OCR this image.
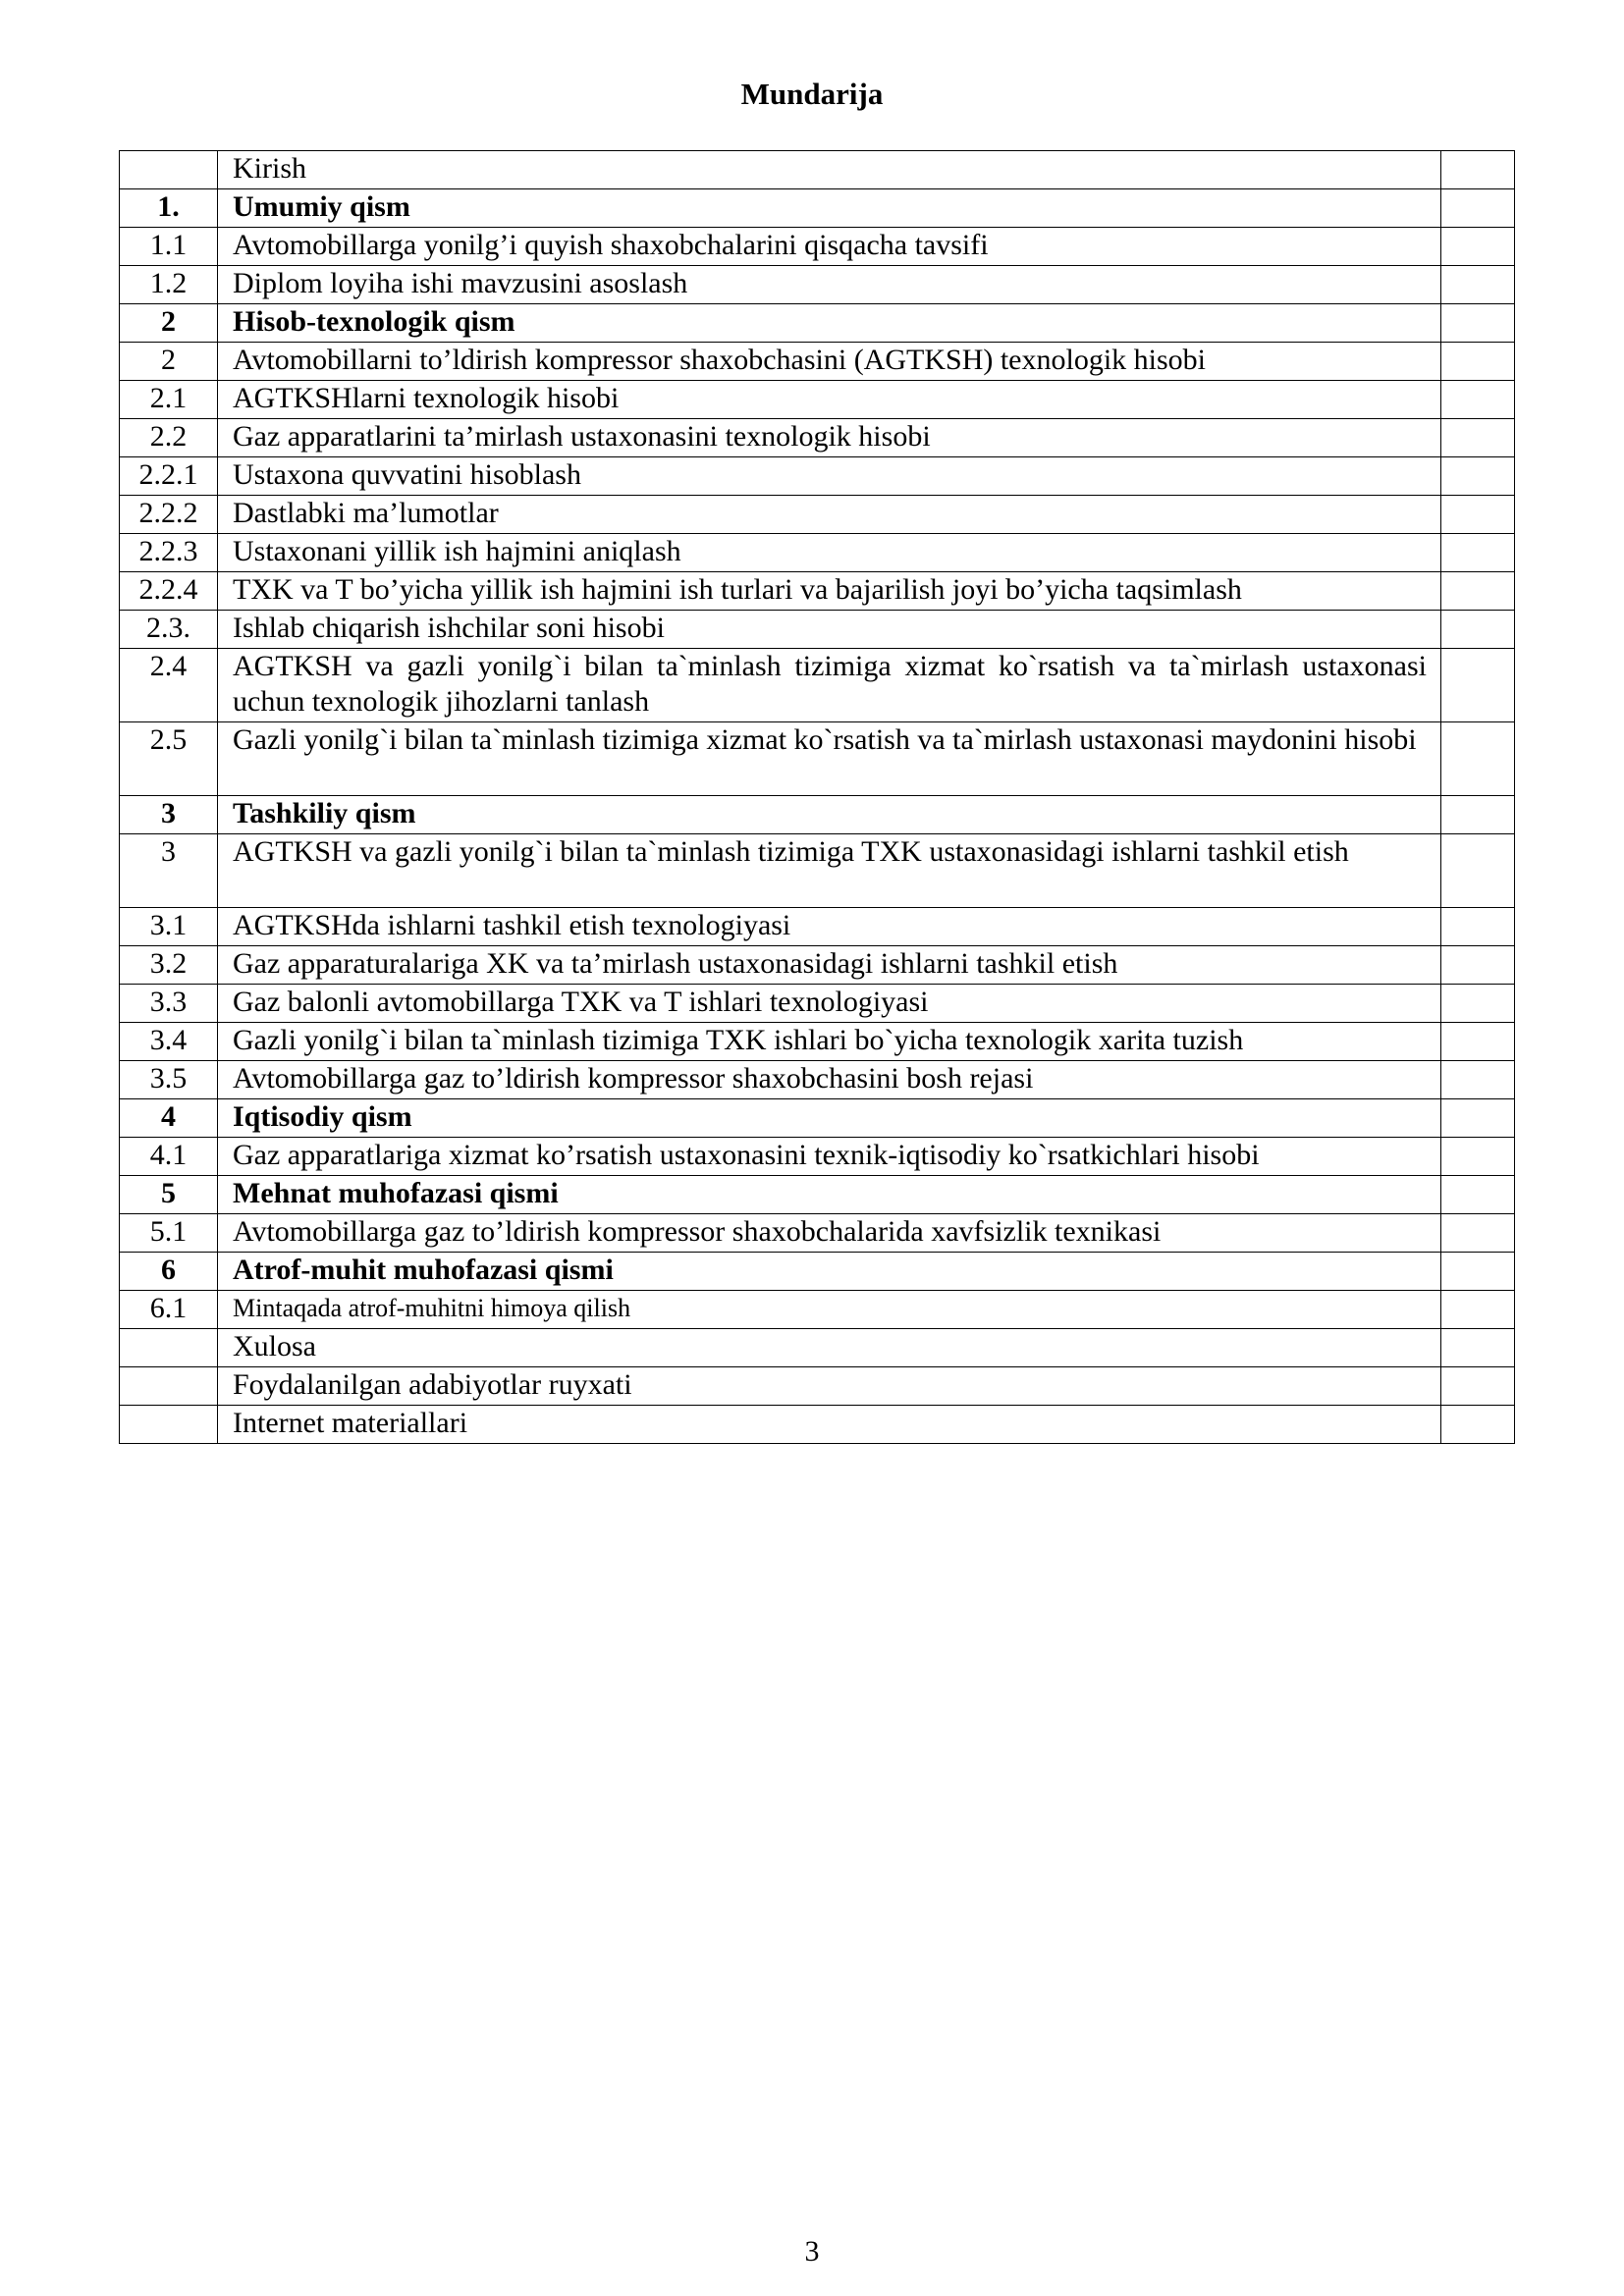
Mundarija
	Kirish	
1.	Umumiy qism	
1.1	Avtomobillarga yonilg’i quyish shaxobchalarini qisqacha tavsifi	
1.2	Diplom loyiha ishi mavzusini asoslash	
2	Hisob-texnologik qism	
2	Avtomobillarni to’ldirish kompressor shaxobchasini (AGTKSH) texnologik hisobi	
2.1	AGTKSHlarni texnologik hisobi	
2.2	Gaz apparatlarini ta’mirlash ustaxonasini texnologik hisobi	
2.2.1	Ustaxona quvvatini hisoblash	
2.2.2	Dastlabki ma’lumotlar	
2.2.3	Ustaxonani yillik ish hajmini aniqlash	
2.2.4	TXK va T bo’yicha yillik ish hajmini ish turlari va bajarilish joyi bo’yicha taqsimlash	
2.3.	Ishlab chiqarish ishchilar soni hisobi	
2.4	AGTKSH va gazli yonilg`i bilan ta`minlash tizimiga xizmat ko`rsatish va ta`mirlash ustaxonasi uchun texnologik jihozlarni tanlash	
2.5	Gazli yonilg`i bilan ta`minlash tizimiga xizmat ko`rsatish va ta`mirlash ustaxonasi maydonini hisobi	
3	Tashkiliy qism	
3	AGTKSH va gazli yonilg`i bilan ta`minlash tizimiga TXK ustaxonasidagi ishlarni tashkil etish	
3.1	AGTKSHda ishlarni tashkil etish texnologiyasi	
3.2	Gaz apparaturalariga XK va ta’mirlash ustaxonasidagi ishlarni tashkil etish	
3.3	Gaz balonli avtomobillarga TXK va T ishlari texnologiyasi	
3.4	Gazli yonilg`i bilan ta`minlash tizimiga TXK ishlari bo`yicha texnologik xarita tuzish	
3.5	Avtomobillarga gaz to’ldirish kompressor shaxobchasini bosh rejasi	
4	Iqtisodiy qism	
4.1	Gaz apparatlariga xizmat ko’rsatish ustaxonasini texnik-iqtisodiy ko`rsatkichlari hisobi	
5	Mehnat muhofazasi qismi	
5.1	Avtomobillarga gaz to’ldirish kompressor shaxobchalarida xavfsizlik texnikasi	
6	Atrof-muhit muhofazasi qismi	
6.1	Mintaqada atrof-muhitni himoya qilish	
	Xulosa	
	Foydalanilgan adabiyotlar ruyxati	
	Internet materiallari	
3
